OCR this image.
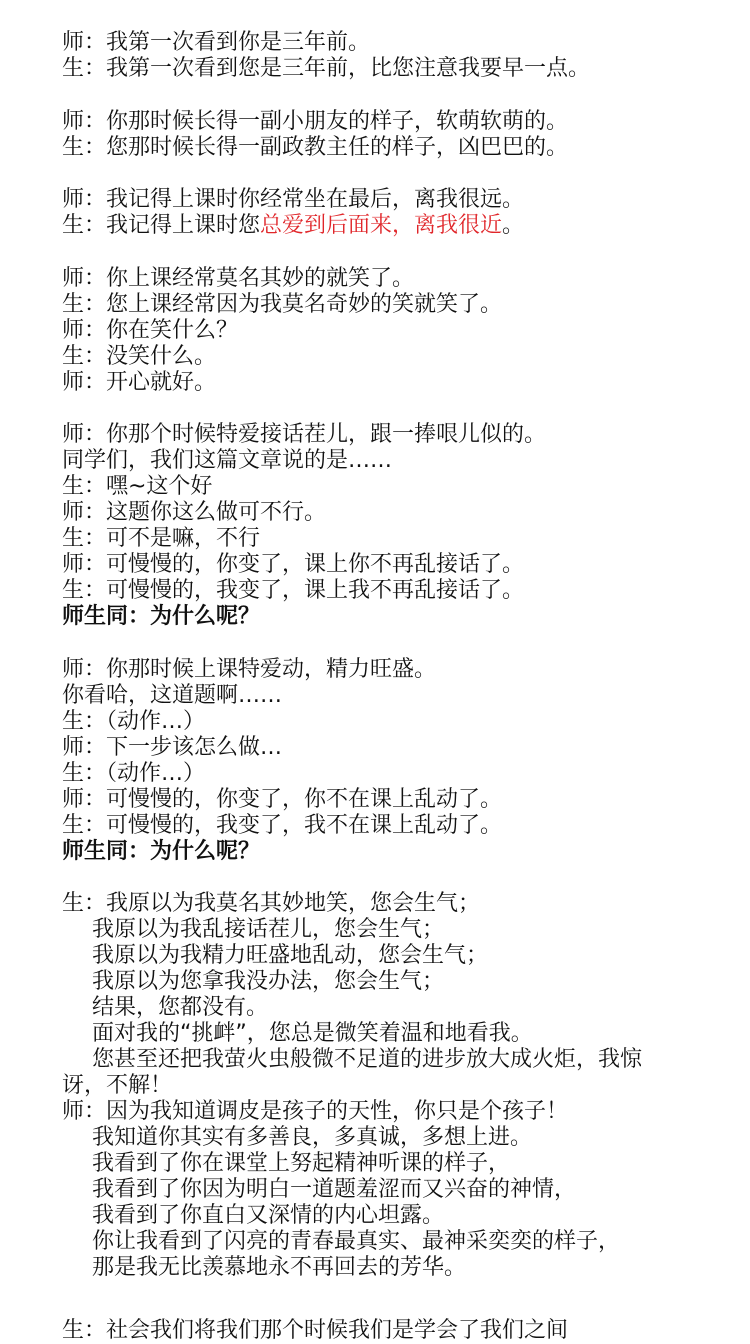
师：我第一次看到你是三年前。
生：我第一次看到您是三年前，比您注意我要早一点。
师：你那时候长得一副小朋友的样子，软萌软萌的。
生：您那时候长得一副政教主任的样子，凶巴巴的。
师：我记得上课时你经常坐在最后，离我很远。
生：我记得上课时您总爱到后面来，离我很近。
师：你上课经常莫名其妙的就笑了。
生：您上课经常因为我莫名奇妙的笑就笑了。
师：你在笑什么？
生：没笑什么。
师：开心就好。
师：你那个时候特爱接话茬儿，跟一捧哏儿似的。
同学们，我们这篇文章说的是……
生：嘿~这个好
师：这题你这么做可不行。
生：可不是嘛，不行
师：可慢慢的，你变了，课上你不再乱接话了。
生：可慢慢的，我变了，课上我不再乱接话了。
师生同：为什么呢？
师：你那时候上课特爱动，精力旺盛。
你看哈，这道题啊……
生：（动作…）
师：下一步该怎么做…
生：（动作…）
师：可慢慢的，你变了，你不在课上乱动了。
生：可慢慢的，我变了，我不在课上乱动了。
师生同：为什么呢？
生：我原以为我莫名其妙地笑，您会生气；
我原以为我乱接话茬儿，您会生气；
我原以为我精力旺盛地乱动，您会生气；
我原以为您拿我没办法，您会生气；
结果，您都没有。
面对我的“挑衅”，您总是微笑着温和地看我。
您甚至还把我萤火虫般微不足道的进步放大成火炬，我惊
讶，不解！
师：因为我知道调皮是孩子的天性，你只是个孩子！
我知道你其实有多善良，多真诚，多想上进。
我看到了你在课堂上努起精神听课的样子，
我看到了你因为明白一道题羞涩而又兴奋的神情，
我看到了你直白又深情的内心坦露。
你让我看到了闪亮的青春最真实、最神采奕奕的样子，
那是我无比羡慕地永不再回去的芳华。
生：社会我们将我们那个时候我们是学会了我们之间
